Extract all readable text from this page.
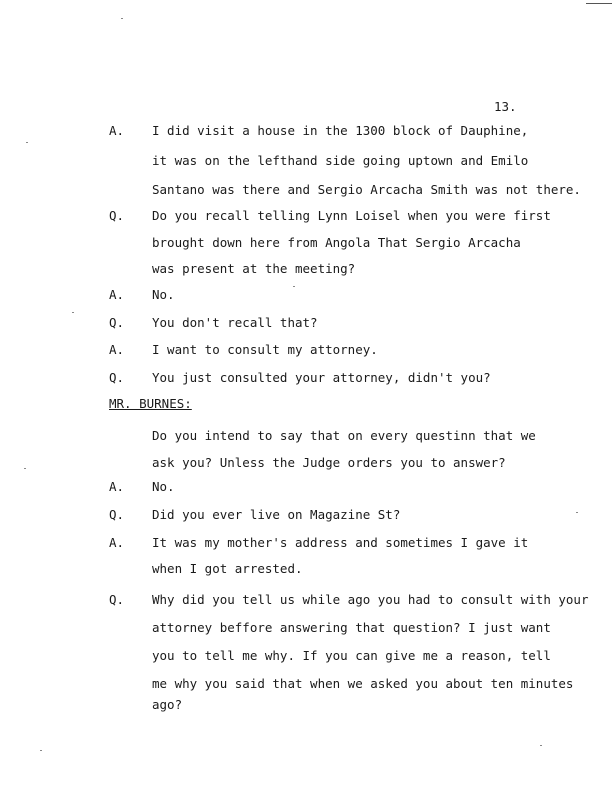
13.
A. I did visit a house in the 1300 block of Dauphine,
it was on the lefthand side going uptown and Emilo
Santano was there and Sergio Arcacha Smith was not there.
Q. Do you recall telling Lynn Loisel when you were first
brought down here from Angola That Sergio Arcacha
was present at the meeting?
A. No.
Q. You don't recall that?
A. I want to consult my attorney.
Q. You just consulted your attorney, didn't you?
MR. BURNES:
Do you intend to say that on every questinn that we
ask you? Unless the Judge orders you to answer?
A. No.
Q. Did you ever live on Magazine St?
A. It was my mother's address and sometimes I gave it
when I got arrested.
Q. Why did you tell us while ago you had to consult with your
attorney beffore answering that question? I just want
you to tell me why. If you can give me a reason, tell
me why you said that when we asked you about ten minutes
ago?
